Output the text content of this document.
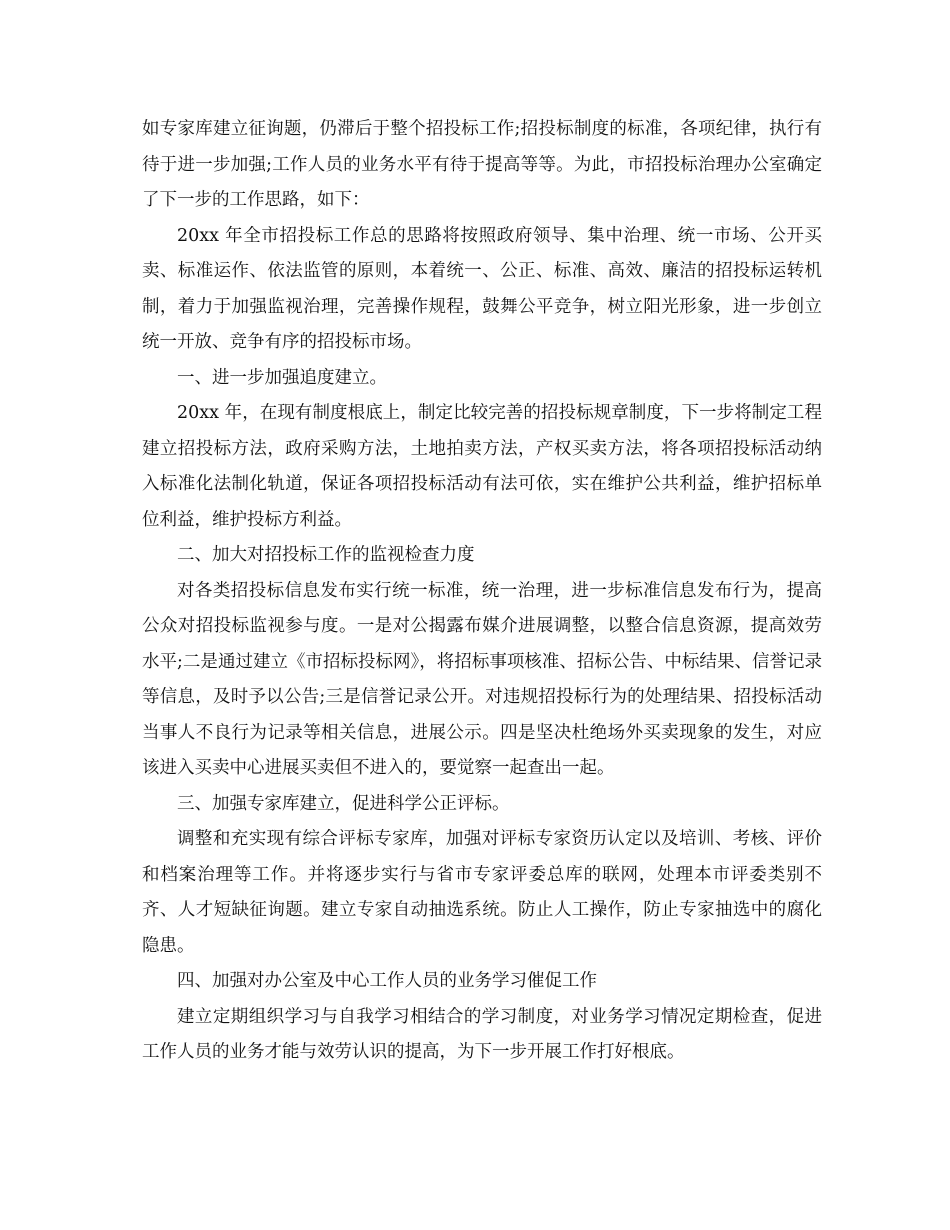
如专家库建立征询题，仍滞后于整个招投标工作;招投标制度的标准，各项纪律，执行有待于进一步加强;工作人员的业务水平有待于提高等等。为此，市招投标治理办公室确定了下一步的工作思路，如下：

20xx 年全市招投标工作总的思路将按照政府领导、集中治理、统一市场、公开买卖、标准运作、依法监管的原则，本着统一、公正、标准、高效、廉洁的招投标运转机制，着力于加强监视治理，完善操作规程，鼓舞公平竞争，树立阳光形象，进一步创立统一开放、竞争有序的招投标市场。

一、进一步加强追度建立。

20xx 年，在现有制度根底上，制定比较完善的招投标规章制度，下一步将制定工程建立招投标方法，政府采购方法，土地拍卖方法，产权买卖方法，将各项招投标活动纳入标准化法制化轨道，保证各项招投标活动有法可依，实在维护公共利益，维护招标单位利益，维护投标方利益。

二、加大对招投标工作的监视检查力度

对各类招投标信息发布实行统一标准，统一治理，进一步标准信息发布行为，提高公众对招投标监视参与度。一是对公揭露布媒介进展调整，以整合信息资源，提高效劳水平;二是通过建立《市招标投标网》，将招标事项核准、招标公告、中标结果、信誉记录等信息，及时予以公告;三是信誉记录公开。对违规招投标行为的处理结果、招投标活动当事人不良行为记录等相关信息，进展公示。四是坚决杜绝场外买卖现象的发生，对应该进入买卖中心进展买卖但不进入的，要觉察一起查出一起。

三、加强专家库建立，促进科学公正评标。

调整和充实现有综合评标专家库，加强对评标专家资历认定以及培训、考核、评价和档案治理等工作。并将逐步实行与省市专家评委总库的联网，处理本市评委类别不齐、人才短缺征询题。建立专家自动抽选系统。防止人工操作，防止专家抽选中的腐化隐患。

四、加强对办公室及中心工作人员的业务学习催促工作

建立定期组织学习与自我学习相结合的学习制度，对业务学习情况定期检查，促进工作人员的业务才能与效劳认识的提高，为下一步开展工作打好根底。
